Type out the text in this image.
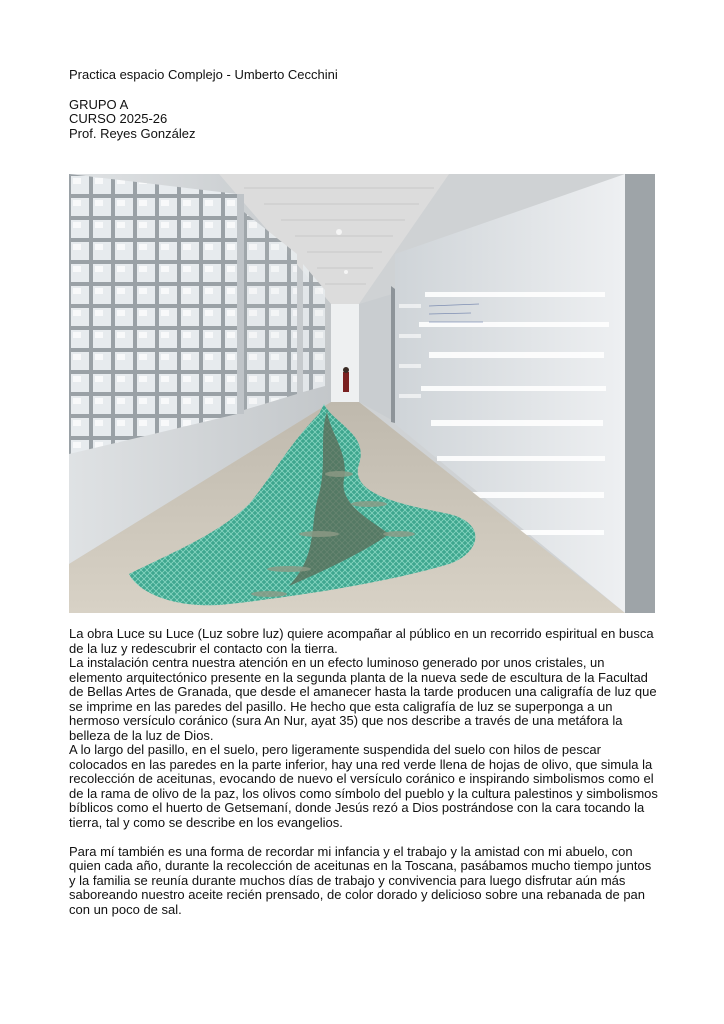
Practica espacio Complejo - Umberto Cecchini
GRUPO A
CURSO 2025-26
Prof. Reyes González

La obra Luce su Luce (Luz sobre luz) quiere acompañar al público en un recorrido espiritual en busca de la luz y redescubrir el contacto con la tierra.

La instalación centra nuestra atención en un efecto luminoso generado por unos cristales, un elemento arquitectónico presente en la segunda planta de la nueva sede de escultura de la Facultad de Bellas Artes de Granada, que desde el amanecer hasta la tarde producen una caligrafía de luz que se imprime en las paredes del pasillo. He hecho que esta caligrafía de luz se superponga a un hermoso versículo coránico (sura An Nur, ayat 35) que nos describe a través de una metáfora la belleza de la luz de Dios.

A lo largo del pasillo, en el suelo, pero ligeramente suspendida del suelo con hilos de pescar colocados en las paredes en la parte inferior, hay una red verde llena de hojas de olivo, que simula la recolección de aceitunas, evocando de nuevo el versículo coránico e inspirando simbolismos como el de la rama de olivo de la paz, los olivos como símbolo del pueblo y la cultura palestinos y simbolismos bíblicos como el huerto de Getsemaní, donde Jesús rezó a Dios postrándose con la cara tocando la tierra, tal y como se describe en los evangelios.

Para mí también es una forma de recordar mi infancia y el trabajo y la amistad con mi abuelo, con quien cada año, durante la recolección de aceitunas en la Toscana, pasábamos mucho tiempo juntos y la familia se reunía durante muchos días de trabajo y convivencia para luego disfrutar aún más saboreando nuestro aceite recién prensado, de color dorado y delicioso sobre una rebanada de pan con un poco de sal.
